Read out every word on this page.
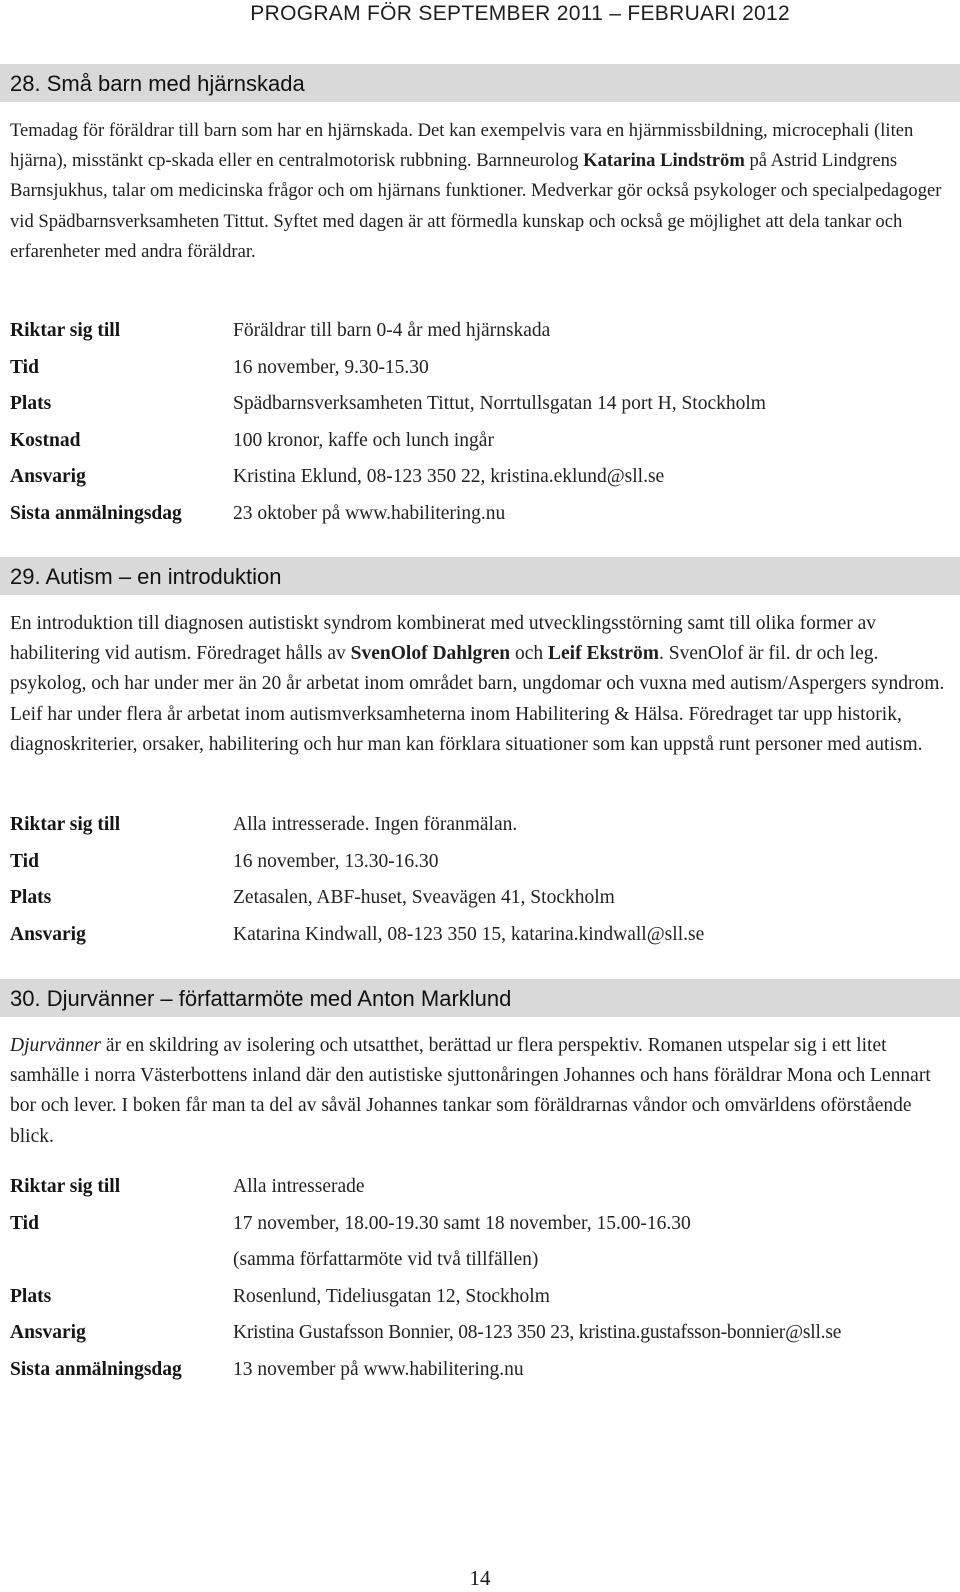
PROGRAM FÖR SEPTEMBER 2011 – FEBRUARI 2012
28. Små barn med hjärnskada
Temadag för föräldrar till barn som har en hjärnskada. Det kan exempelvis vara en hjärnmissbildning, microcephali (liten hjärna), misstänkt cp-skada eller en centralmotorisk rubbning. Barnneurolog Katarina Lindström på Astrid Lindgrens Barnsjukhus, talar om medicinska frågor och om hjärnans funktioner. Medverkar gör också psykologer och specialpedagoger vid Spädbarnsverksamheten Tittut. Syftet med dagen är att förmedla kunskap och också ge möjlighet att dela tankar och erfarenheter med andra föräldrar.
Riktar sig till	Föräldrar till barn 0-4 år med hjärnskada
Tid	16 november, 9.30-15.30
Plats	Spädbarnsverksamheten Tittut, Norrtullsgatan 14 port H, Stockholm
Kostnad	100 kronor, kaffe och lunch ingår
Ansvarig	Kristina Eklund, 08-123 350 22, kristina.eklund@sll.se
Sista anmälningsdag	23 oktober på www.habilitering.nu
29. Autism – en introduktion
En introduktion till diagnosen autistiskt syndrom kombinerat med utvecklingsstörning samt till olika former av habilitering vid autism. Föredraget hålls av SvenOlof Dahlgren och Leif Ekström. SvenOlof är fil. dr och leg. psykolog, och har under mer än 20 år arbetat inom området barn, ungdomar och vuxna med autism/Aspergers syndrom. Leif har under flera år arbetat inom autismverksamheterna inom Habilitering & Hälsa. Föredraget tar upp historik, diagnoskriterier, orsaker, habilitering och hur man kan förklara situationer som kan uppstå runt personer med autism.
Riktar sig till	Alla intresserade. Ingen föranmälan.
Tid	16 november, 13.30-16.30
Plats	Zetasalen, ABF-huset, Sveavägen 41, Stockholm
Ansvarig	Katarina Kindwall, 08-123 350 15, katarina.kindwall@sll.se
30. Djurvänner – författarmöte med Anton Marklund
Djurvänner är en skildring av isolering och utsatthet, berättad ur flera perspektiv. Romanen utspelar sig i ett litet samhälle i norra Västerbottens inland där den autistiske sjuttonåringen Johannes och hans föräldrar Mona och Lennart bor och lever. I boken får man ta del av såväl Johannes tankar som föräldrarnas våndor och omvärldens oförstående blick.
Riktar sig till	Alla intresserade
Tid	17 november, 18.00-19.30 samt 18 november, 15.00-16.30
(samma författarmöte vid två tillfällen)
Plats	Rosenlund, Tideliusgatan 12, Stockholm
Ansvarig	Kristina Gustafsson Bonnier, 08-123 350 23, kristina.gustafsson-bonnier@sll.se
Sista anmälningsdag	13 november på www.habilitering.nu
14
